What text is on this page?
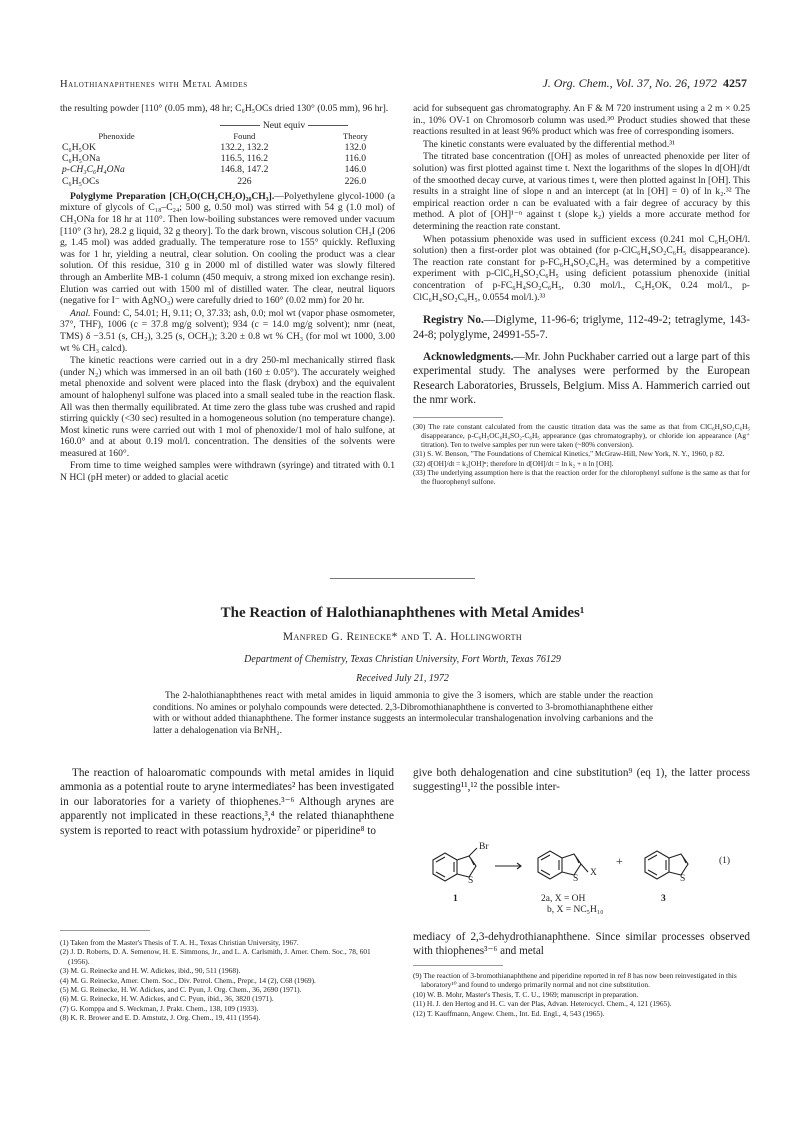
Halothianaphthenes with Metal Amides	J. Org. Chem., Vol. 37, No. 26, 1972 4257

the resulting powder [110° (0.05 mm), 48 hr; C₆H₅OCs dried 130° (0.05 mm), 96 hr].

	Neut equiv	
Phenoxide	Found	Theory
C₆H₅OK	132.2, 132.2	132.0
C₆H₅ONa	116.5, 116.2	116.0
p-CH₃C₆H₄ONa	146.8, 147.2	146.0
C₆H₅OCs	226	226.0

Polyglyme Preparation [CH₃O(CH₂CH₂O)₂₀CH₃].—Polyethylene glycol-1000 (a mixture of glycols of C₁₈–C₂₄; 500 g, 0.50 mol) was stirred with 54 g (1.0 mol) of CH₃ONa for 18 hr at 110°. Then low-boiling substances were removed under vacuum [110° (3 hr), 28.2 g liquid, 32 g theory]. To the dark brown, viscous solution CH₃I (206 g, 1.45 mol) was added gradually. The temperature rose to 155° quickly. Refluxing was for 1 hr, yielding a neutral, clear solution. On cooling the product was a clear solution. Of this residue, 310 g in 2000 ml of distilled water was slowly filtered through an Amberlite MB-1 column (450 mequiv, a strong mixed ion exchange resin). Elution was carried out with 1500 ml of distilled water. The clear, neutral liquors (negative for I⁻ with AgNO₃) were carefully dried to 160° (0.02 mm) for 20 hr.

Anal. Found: C, 54.01; H, 9.11; O, 37.33; ash, 0.0; mol wt (vapor phase osmometer, 37°, THF), 1006 (c = 37.8 mg/g solvent); 934 (c = 14.0 mg/g solvent); nmr (neat, TMS) δ −3.51 (s, CH₂), 3.25 (s, OCH₃); 3.20 ± 0.8 wt % CH₃ (for mol wt 1000, 3.00 wt % CH₃ calcd).

The kinetic reactions were carried out in a dry 250-ml mechanically stirred flask (under N₂) which was immersed in an oil bath (160 ± 0.05°). The accurately weighed metal phenoxide and solvent were placed into the flask (drybox) and the equivalent amount of halophenyl sulfone was placed into a small sealed tube in the reaction flask. All was then thermally equilibrated. At time zero the glass tube was crushed and rapid stirring quickly (<30 sec) resulted in a homogeneous solution (no temperature change). Most kinetic runs were carried out with 1 mol of phenoxide/1 mol of halo sulfone, at 160.0° and at about 0.19 mol/l. concentration. The densities of the solvents were measured at 160°.

From time to time weighed samples were withdrawn (syringe) and titrated with 0.1 N HCl (pH meter) or added to glacial acetic

acid for subsequent gas chromatography. An F & M 720 instrument using a 2 m × 0.25 in., 10% OV-1 on Chromosorb column was used.³⁰ Product studies showed that these reactions resulted in at least 96% product which was free of corresponding isomers.

The kinetic constants were evaluated by the differential method.³¹

The titrated base concentration ([OH] as moles of unreacted phenoxide per liter of solution) was first plotted against time t. Next the logarithms of the slopes ln d[OH]/dt of the smoothed decay curve, at various times t, were then plotted against ln [OH]. This results in a straight line of slope n and an intercept (at ln [OH] = 0) of ln k₂.³² The empirical reaction order n can be evaluated with a fair degree of accuracy by this method. A plot of [OH]¹⁻ⁿ against t (slope k₂) yields a more accurate method for determining the reaction rate constant.

When potassium phenoxide was used in sufficient excess (0.241 mol C₆H₅OH/l. solution) then a first-order plot was obtained (for p-ClC₆H₄SO₂C₆H₅ disappearance). The reaction rate constant for p-FC₆H₄SO₂C₆H₅ was determined by a competitive experiment with p-ClC₆H₄SO₂C₆H₅ using deficient potassium phenoxide (initial concentration of p-FC₆H₄SO₂C₆H₅, 0.30 mol/l., C₆H₅OK, 0.24 mol/l., p-ClC₆H₄SO₂C₆H₅, 0.0554 mol/l.).³³

Registry No.—Diglyme, 11-96-6; triglyme, 112-49-2; tetraglyme, 143-24-8; polyglyme, 24991-55-7.

Acknowledgments.—Mr. John Puckhaber carried out a large part of this experimental study. The analyses were performed by the European Research Laboratories, Brussels, Belgium. Miss A. Hammerich carried out the nmr work.

(30) The rate constant calculated from the caustic titration data was the same as that from ClC₆H₄SO₂C₆H₅ disappearance, p-C₆H₅OC₆H₄SO₂-C₆H₅ appearance (gas chromatography), or chloride ion appearance (Ag⁺ titration). Ten to twelve samples per run were taken (~80% conversion).
(31) S. W. Benson, "The Foundations of Chemical Kinetics," McGraw-Hill, New York, N. Y., 1960, p 82.
(32) d[OH]/dt = k₂[OH]ⁿ; therefore ln d[OH]/dt = ln k₂ + n ln [OH].
(33) The underlying assumption here is that the reaction order for the chlorophenyl sulfone is the same as that for the fluorophenyl sulfone.
The Reaction of Halothianaphthenes with Metal Amides¹
Manfred G. Reinecke* and T. A. Hollingworth
Department of Chemistry, Texas Christian University, Fort Worth, Texas 76129
Received July 21, 1972
The 2-halothianaphthenes react with metal amides in liquid ammonia to give the 3 isomers, which are stable under the reaction conditions. No amines or polyhalo compounds were detected. 2,3-Dibromothianaphthene is converted to 3-bromothianaphthene either with or without added thianaphthene. The former instance suggests an intermolecular transhalogenation involving carbanions and the latter a dehalogenation via BrNH₂.
The reaction of haloaromatic compounds with metal amides in liquid ammonia as a potential route to aryne intermediates² has been investigated in our laboratories for a variety of thiophenes.³⁻⁶ Although arynes are apparently not implicated in these reactions,³,⁴ the related thianaphthene system is reported to react with potassium hydroxide⁷ or piperidine⁸ to
give both dehalogenation and cine substitution⁹ (eq 1), the latter process suggesting¹¹,¹² the possible inter-
Br
S	S
X
S
+	(1)
1	2a, X = OH
b, X = NC₅H₁₀
3
mediacy of 2,3-dehydrothianaphthene. Since similar processes observed with thiophenes³⁻⁶ and metal
(1) Taken from the Master's Thesis of T. A. H., Texas Christian University, 1967.
(2) J. D. Roberts, D. A. Semenow, H. E. Simmons, Jr., and L. A. Carlsmith, J. Amer. Chem. Soc., 78, 601 (1956).
(3) M. G. Reinecke and H. W. Adickes, ibid., 90, 511 (1968).
(4) M. G. Reinecke, Amer. Chem. Soc., Div. Petrol. Chem., Prepr., 14 (2), C68 (1969).
(5) M. G. Reinecke, H. W. Adickes, and C. Pyun, J. Org. Chem., 36, 2690 (1971).
(6) M. G. Reinecke, H. W. Adickes, and C. Pyun, ibid., 36, 3820 (1971).
(7) G. Komppa and S. Weckman, J. Prakt. Chem., 138, 109 (1933).
(8) K. R. Brower and E. D. Amstutz, J. Org. Chem., 19, 411 (1954).
(9) The reaction of 3-bromothianaphthene and piperidine reported in ref 8 has now been reinvestigated in this laboratory¹⁰ and found to undergo primarily normal and not cine substitution.
(10) W. B. Mohr, Master's Thesis, T. C. U., 1969; manuscript in preparation.
(11) H. J. den Hertog and H. C. van der Plas, Advan. Heterocycl. Chem., 4, 121 (1965).
(12) T. Kauffmann, Angew. Chem., Int. Ed. Engl., 4, 543 (1965).
